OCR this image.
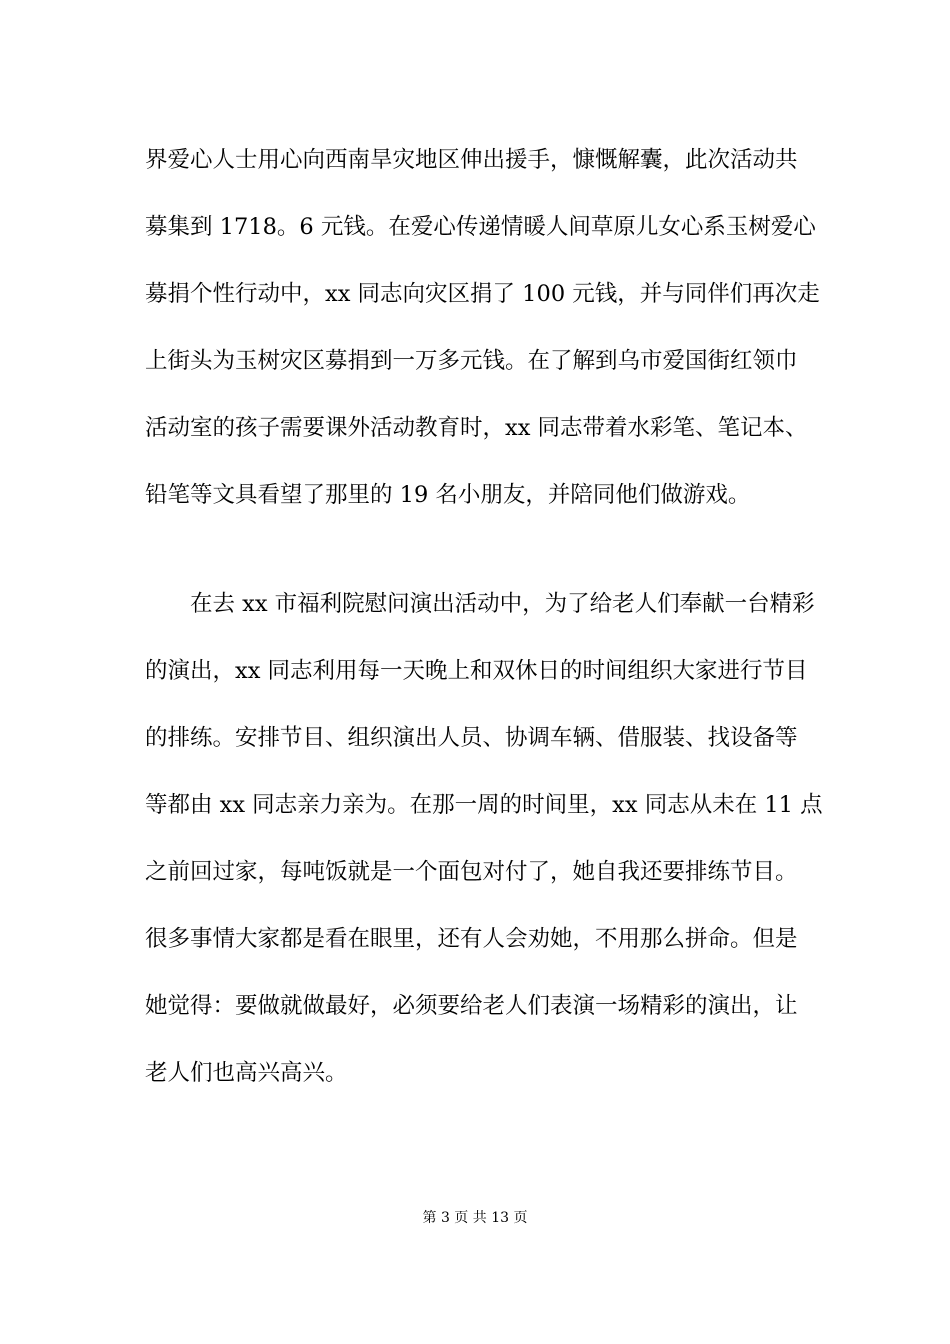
界爱心人士用心向西南旱灾地区伸出援手，慷慨解囊，此次活动共
募集到 1718。6 元钱。在爱心传递情暖人间草原儿女心系玉树爱心
募捐个性行动中，xx 同志向灾区捐了 100 元钱，并与同伴们再次走
上街头为玉树灾区募捐到一万多元钱。在了解到乌市爱国街红领巾
活动室的孩子需要课外活动教育时，xx 同志带着水彩笔、笔记本、
铅笔等文具看望了那里的 19 名小朋友，并陪同他们做游戏。
在去 xx 市福利院慰问演出活动中，为了给老人们奉献一台精彩
的演出，xx 同志利用每一天晚上和双休日的时间组织大家进行节目
的排练。安排节目、组织演出人员、协调车辆、借服装、找设备等
等都由 xx 同志亲力亲为。在那一周的时间里，xx 同志从未在 11 点
之前回过家，每吨饭就是一个面包对付了，她自我还要排练节目。
很多事情大家都是看在眼里，还有人会劝她，不用那么拼命。但是
她觉得：要做就做最好，必须要给老人们表演一场精彩的演出，让
老人们也高兴高兴。
第 3 页 共 13 页
